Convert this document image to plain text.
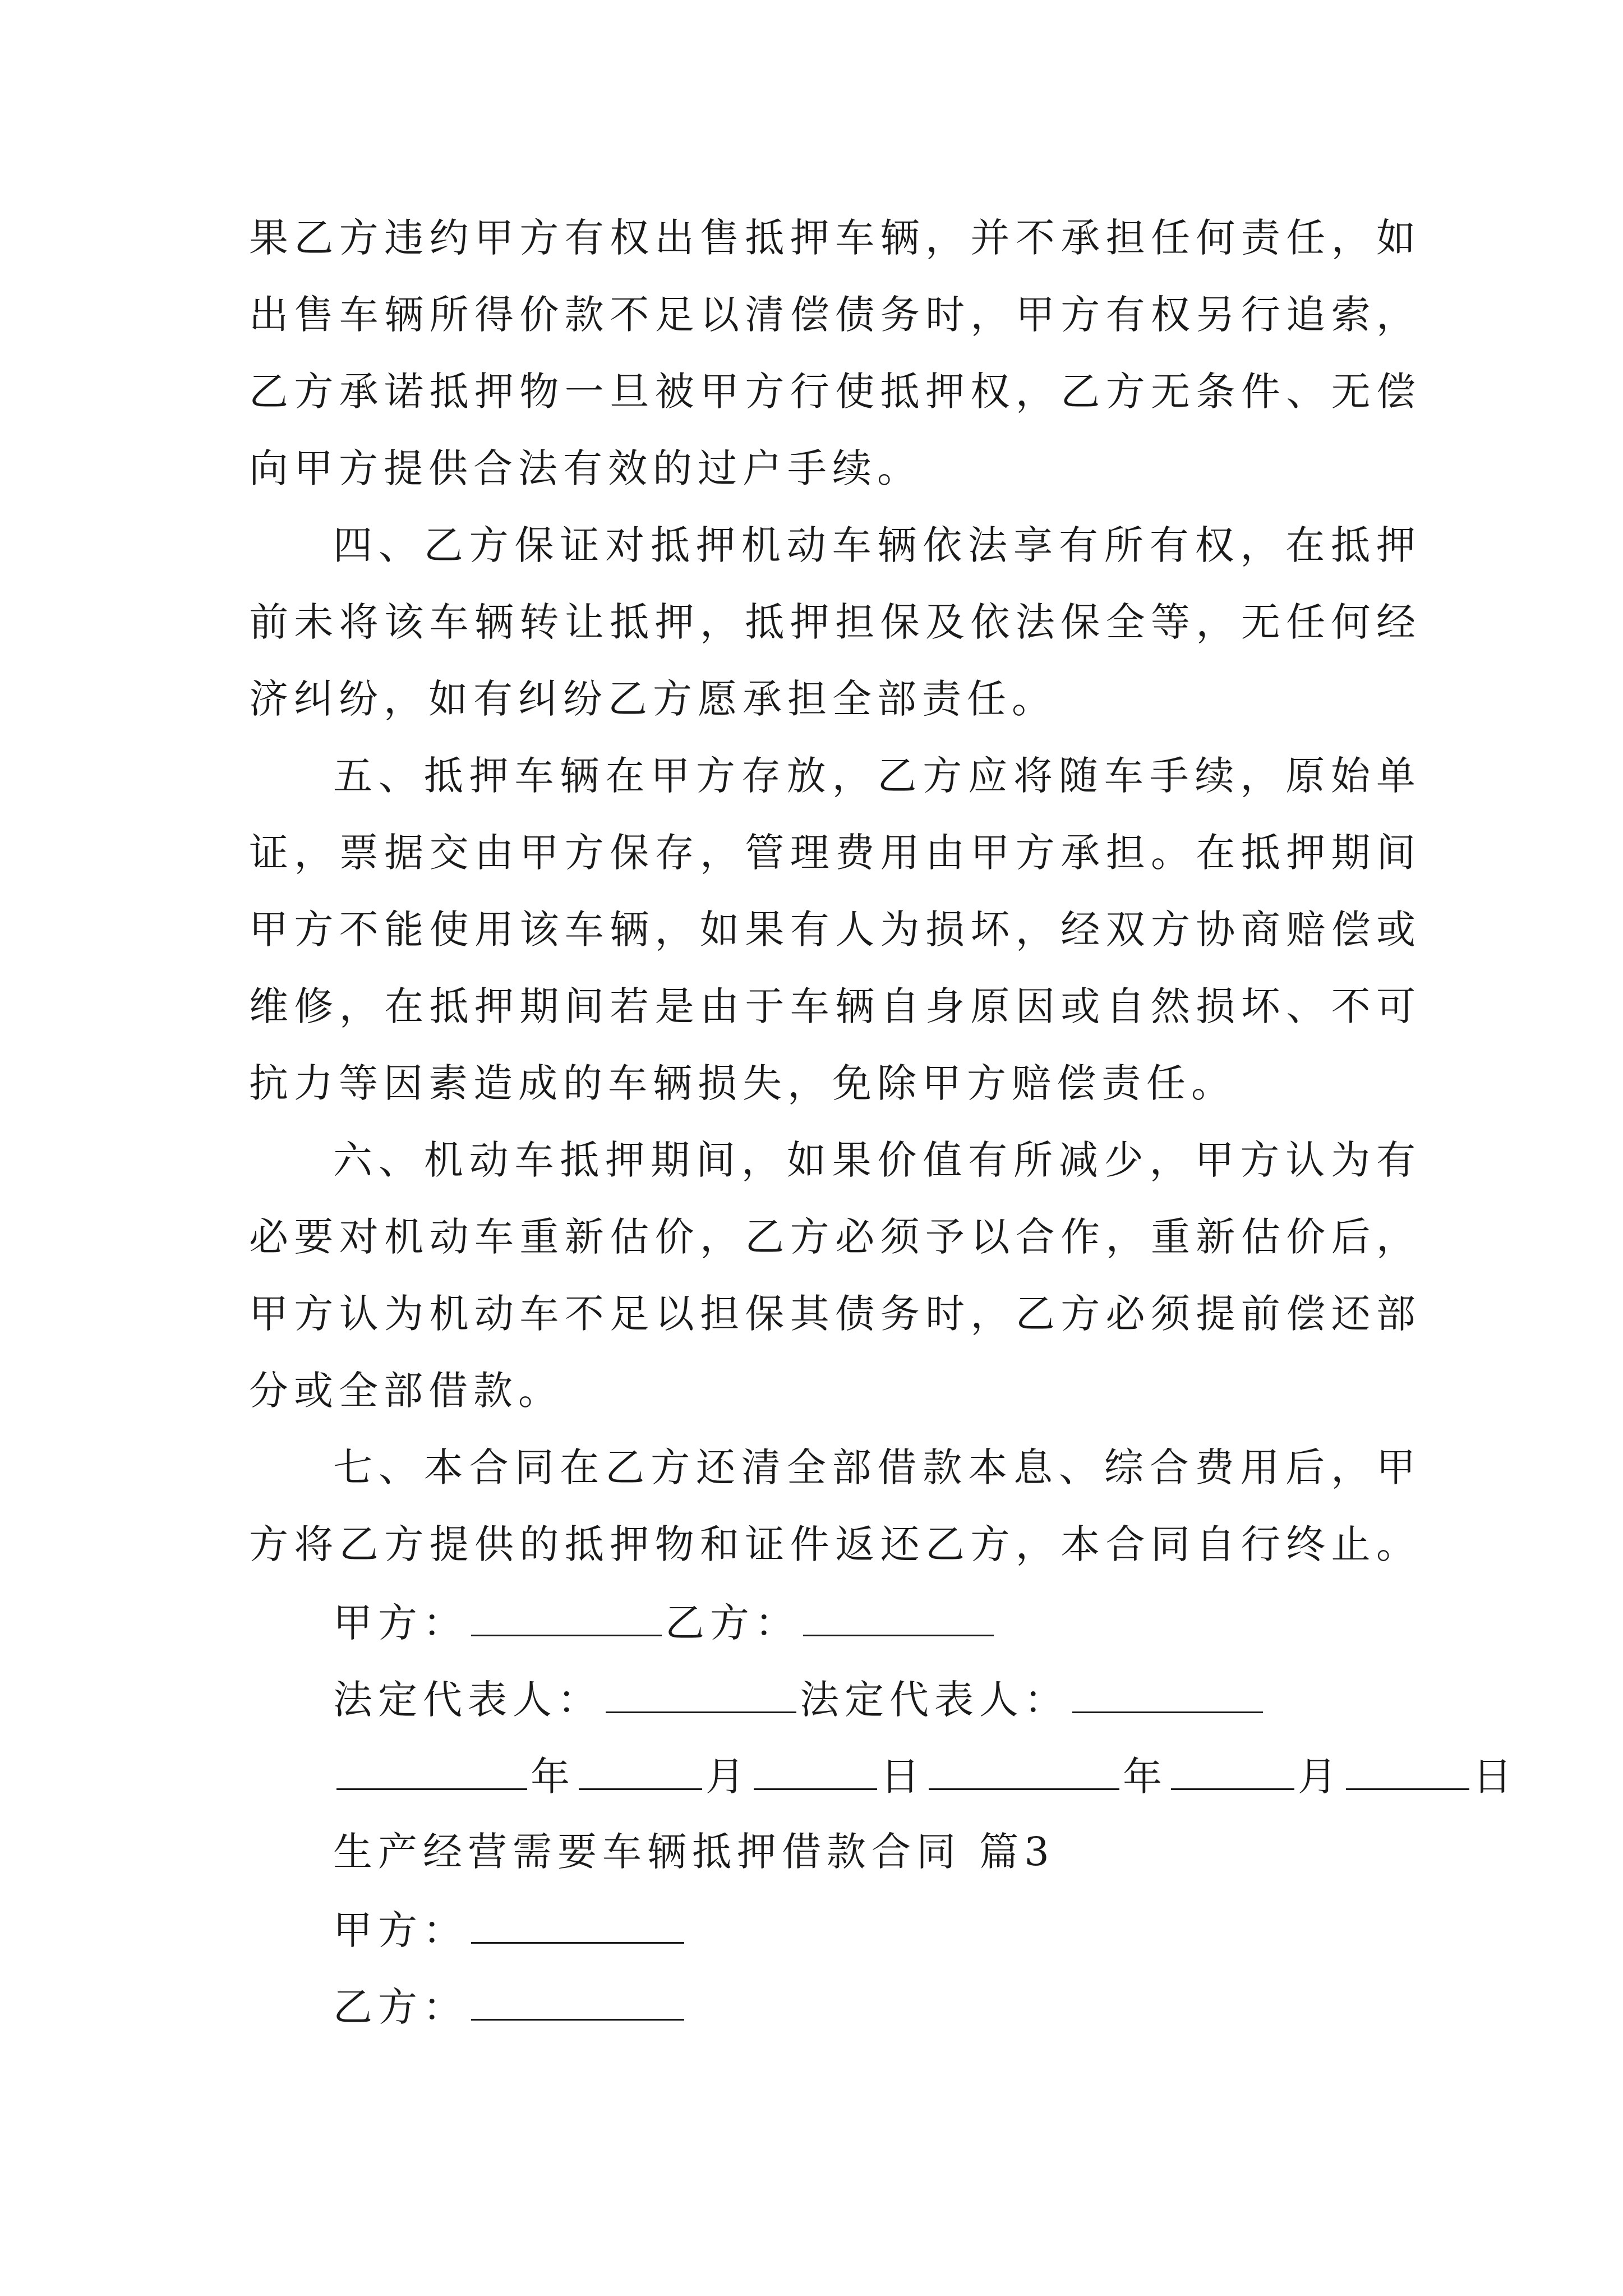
果乙方违约甲方有权出售抵押车辆，并不承担任何责任，如
出售车辆所得价款不足以清偿债务时，甲方有权另行追索，
乙方承诺抵押物一旦被甲方行使抵押权，乙方无条件、无偿
向甲方提供合法有效的过户手续。
四、乙方保证对抵押机动车辆依法享有所有权，在抵押
前未将该车辆转让抵押，抵押担保及依法保全等，无任何经
济纠纷，如有纠纷乙方愿承担全部责任。
五、抵押车辆在甲方存放，乙方应将随车手续，原始单
证，票据交由甲方保存，管理费用由甲方承担。在抵押期间
甲方不能使用该车辆，如果有人为损坏，经双方协商赔偿或
维修，在抵押期间若是由于车辆自身原因或自然损坏、不可
抗力等因素造成的车辆损失，免除甲方赔偿责任。
六、机动车抵押期间，如果价值有所减少，甲方认为有
必要对机动车重新估价，乙方必须予以合作，重新估价后，
甲方认为机动车不足以担保其债务时，乙方必须提前偿还部
分或全部借款。
七、本合同在乙方还清全部借款本息、综合费用后，甲
方将乙方提供的抵押物和证件返还乙方，本合同自行终止。
甲方：	乙方：
法定代表人：	法定代表人：
年	月	日	年	月	日
生产经营需要车辆抵押借款合同 篇3
甲方：
乙方：
